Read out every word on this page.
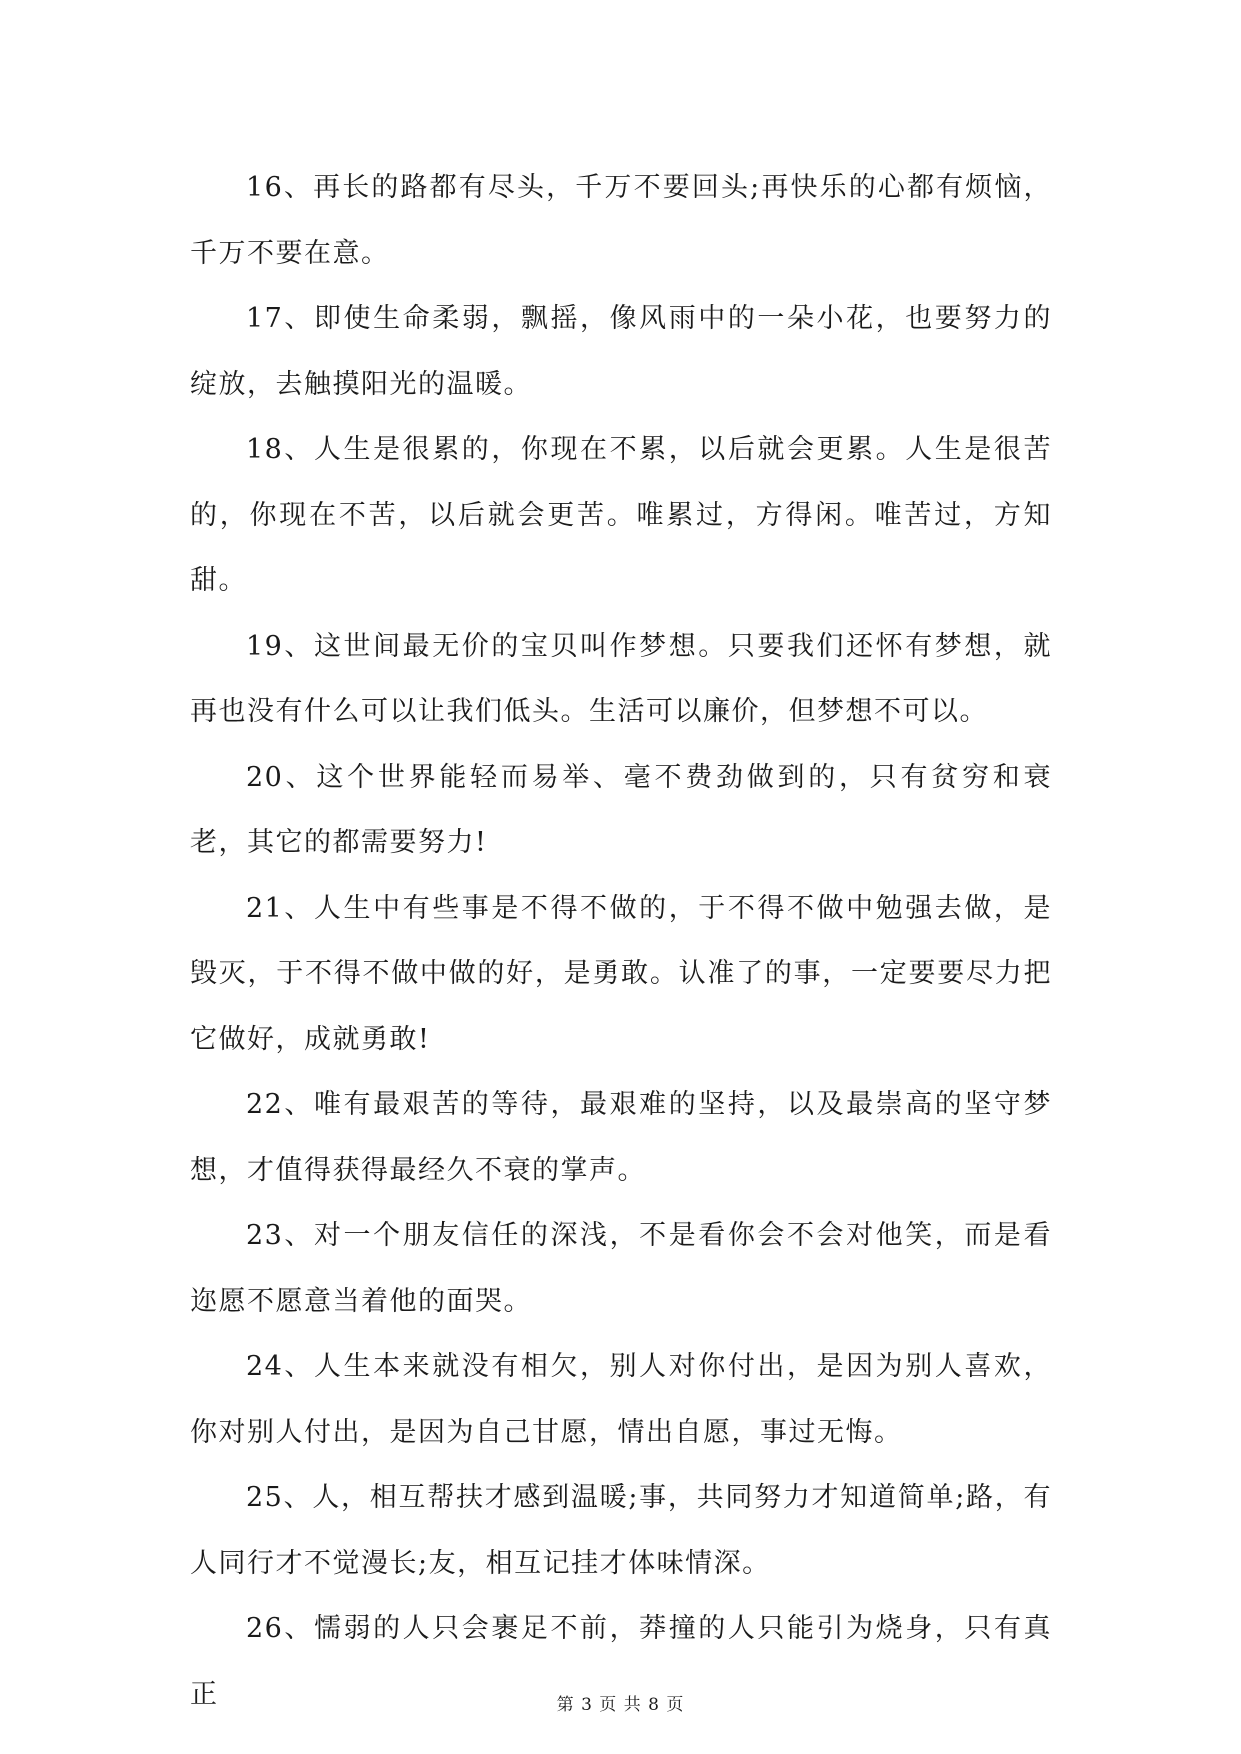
16、再长的路都有尽头，千万不要回头;再快乐的心都有烦恼，千万不要在意。

17、即使生命柔弱，飘摇，像风雨中的一朵小花，也要努力的绽放，去触摸阳光的温暖。

18、人生是很累的，你现在不累，以后就会更累。人生是很苦的，你现在不苦，以后就会更苦。唯累过，方得闲。唯苦过，方知甜。

19、这世间最无价的宝贝叫作梦想。只要我们还怀有梦想，就再也没有什么可以让我们低头。生活可以廉价，但梦想不可以。

20、这个世界能轻而易举、毫不费劲做到的，只有贫穷和衰老，其它的都需要努力!

21、人生中有些事是不得不做的，于不得不做中勉强去做，是毁灭，于不得不做中做的好，是勇敢。认准了的事，一定要要尽力把它做好，成就勇敢!

22、唯有最艰苦的等待，最艰难的坚持，以及最崇高的坚守梦想，才值得获得最经久不衰的掌声。

23、对一个朋友信任的深浅，不是看你会不会对他笑，而是看迩愿不愿意当着他的面哭。

24、人生本来就没有相欠，别人对你付出，是因为别人喜欢，你对别人付出，是因为自己甘愿，情出自愿，事过无悔。

25、人，相互帮扶才感到温暖;事，共同努力才知道简单;路，有人同行才不觉漫长;友，相互记挂才体味情深。

26、懦弱的人只会裹足不前，莽撞的人只能引为烧身，只有真正	第 3 页 共 8 页
